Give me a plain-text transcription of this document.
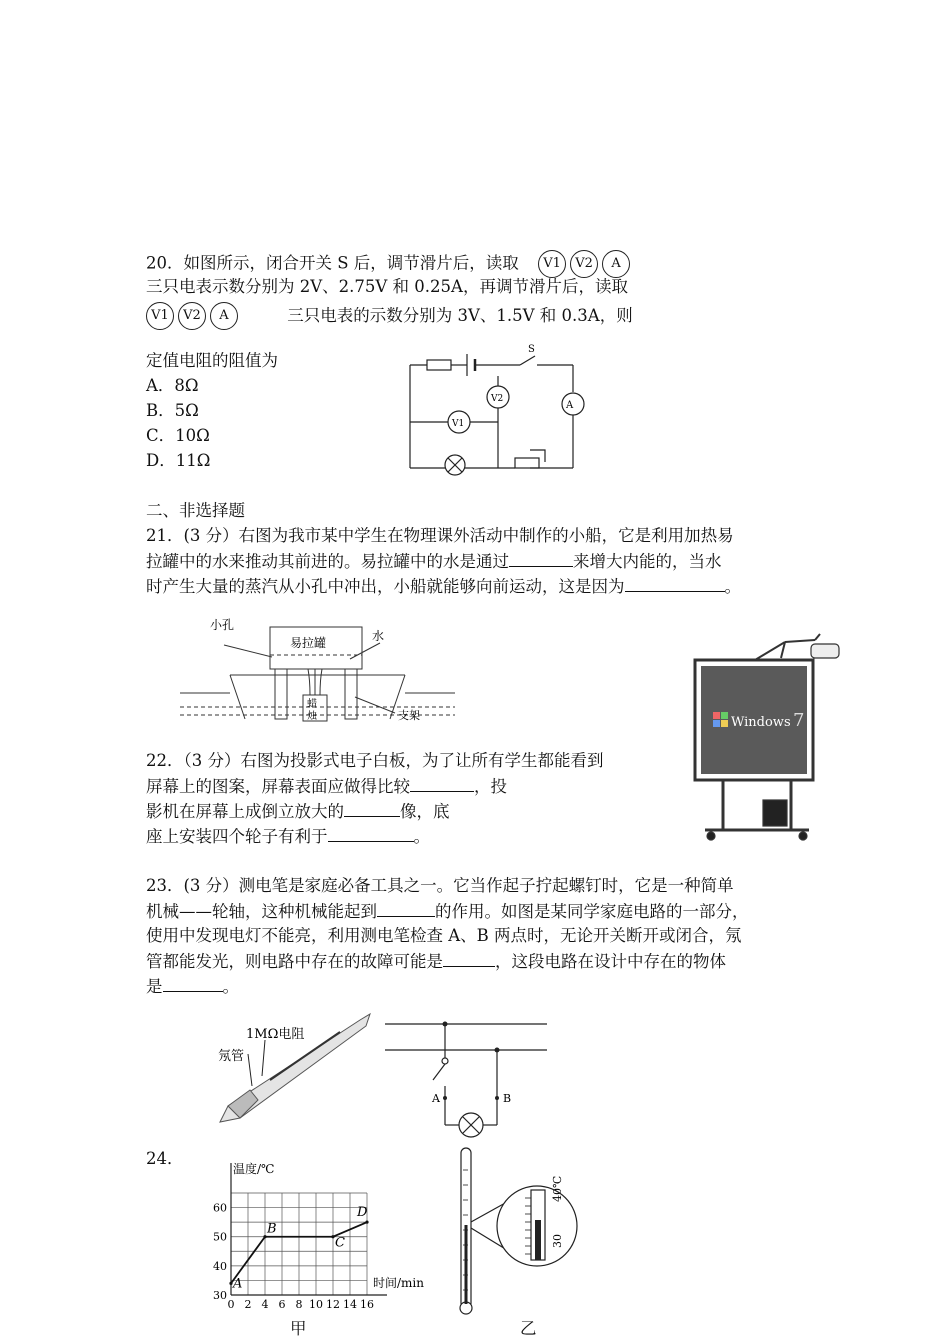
20．如图所示，闭合开关 S 后，调节滑片后，读取 V1 V2 A
三只电表示数分别为 2V、2.75V 和 0.25A，再调节滑片后，读取
V1 V2 A	三只电表的示数分别为 3V、1.5V 和 0.3A，则
定值电阻的阻值为
A．8Ω
B．5Ω
C．10Ω
D．11Ω
S
A
V1
V2
二、非选择题
21．(3 分）右图为我市某中学生在物理课外活动中制作的小船，它是利用加热易
拉罐中的水来推动其前进的。易拉罐中的水是通过	来增大内能的，当水
时产生大量的蒸汽从小孔中冲出，小船就能够向前运动，这是因为	。
小孔
易拉罐	水
蜡
烛	支架
22．（3 分）右图为投影式电子白板，为了让所有学生都能看到
屏幕上的图案，屏幕表面应做得比较	，投
影机在屏幕上成倒立放大的	像，底
座上安装四个轮子有利于	。
Windows 7
23．(3 分）测电笔是家庭必备工具之一。它当作起子拧起螺钉时，它是一种简单
机械——轮轴，这种机械能起到	的作用。如图是某同学家庭电路的一部分，
使用中发现电灯不能亮，利用测电笔检查 A、B 两点时，无论开关断开或闭合，氖
管都能发光，则电路中存在的故障可能是	，这段电路在设计中存在的物体
是	。
1MΩ电阻
氖管
A	B
24．
温度/℃
时间/min
0 2 4 6 8 10 12 14 16
30
40
50
60
A
B
C
D
40℃
30
甲	乙
